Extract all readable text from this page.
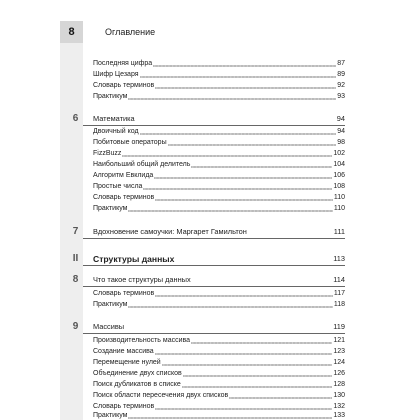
8	Оглавление
Последняя цифра	87
Шифр Цезаря	89
Словарь терминов	92
Практикум	93
6	Математика	94
Двоичный код	94
Побитовые операторы	98
FizzBuzz	102
Наибольший общий делитель	104
Алгоритм Евклида	106
Простые числа	108
Словарь терминов	110
Практикум	110
7	Вдохновение самоучки: Маргарет Гамильтон	111
II	Структуры данных	113
8	Что такое структуры данных	114
Словарь терминов	117
Практикум	118
9	Массивы	119
Производительность массива	121
Создание массива	123
Перемещение нулей	124
Объединение двух списков	126
Поиск дубликатов в списке	128
Поиск области пересечения двух списков	130
Словарь терминов	132
Практикум	133
